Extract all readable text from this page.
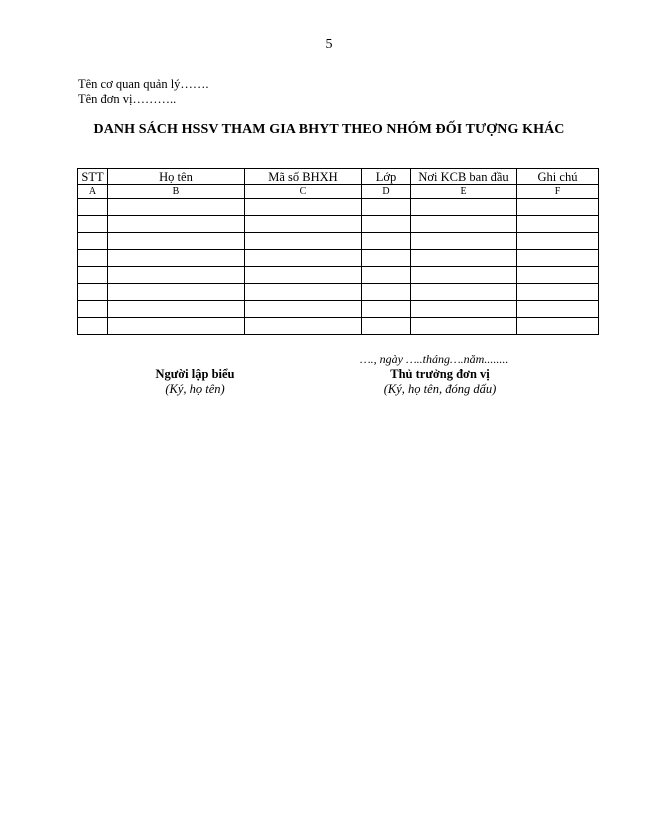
5
Tên cơ quan quản lý…….
Tên đơn vị………..
DANH SÁCH HSSV THAM GIA BHYT THEO NHÓM ĐỐI TƯỢNG KHÁC
STT	Họ tên	Mã số BHXH	Lớp	Nơi KCB ban đầu	Ghi chú
A	B	C	D	E	F

…., ngày …..tháng….năm........
Người lập biểu
(Ký, họ tên)
Thủ trưởng đơn vị
(Ký, họ tên, đóng dấu)
